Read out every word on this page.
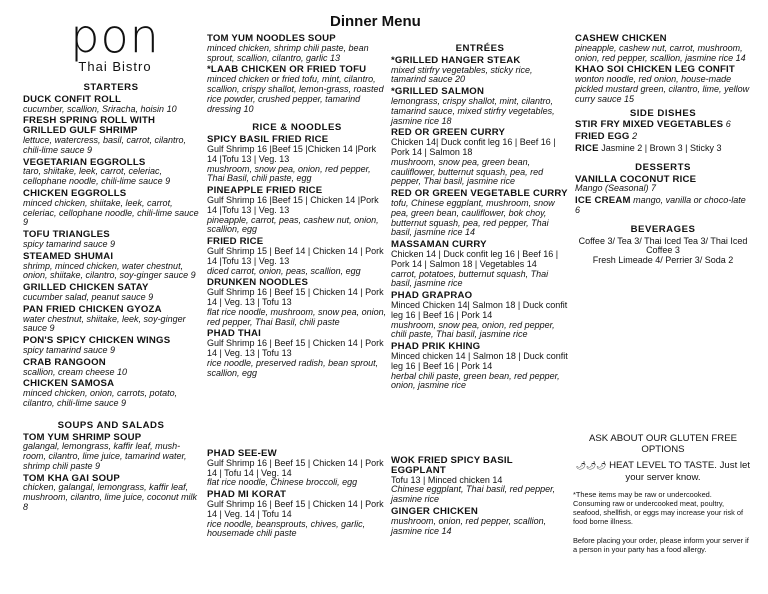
pon
Thai Bistro
Dinner Menu
STARTERS
DUCK CONFIT ROLL
cucumber, scallion, Sriracha, hoisin 10
FRESH SPRING ROLL WITH GRILLED GULF SHRIMP
lettuce, watercress, basil, carrot, cilantro, chili-lime sauce 9
VEGETARIAN EGGROLLS
taro, shiitake, leek, carrot, celeriac, cellophane noodle, chili-lime sauce 9
CHICKEN EGGROLLS
minced chicken, shiitake, leek, carrot, celeriac, cellophane noodle, chili-lime sauce 9
TOFU TRIANGLES
spicy tamarind sauce 9
STEAMED SHUMAI
shrimp, minced chicken, water chestnut, onion, shiitake, cilantro, soy-ginger sauce 9
GRILLED CHICKEN SATAY
cucumber salad, peanut sauce 9
PAN FRIED CHICKEN GYOZA
water chestnut, shiitake, leek, soy-ginger sauce 9
PON'S SPICY CHICKEN WINGS
spicy tamarind sauce 9
CRAB RANGOON
scallion, cream cheese 10
CHICKEN SAMOSA
minced chicken, onion, carrots, potato, cilantro, chili-lime sauce 9
SOUPS AND SALADS
TOM YUM SHRIMP SOUP
galangal, lemongrass, kaffir leaf, mush-room, cilantro, lime juice, tamarind water, shrimp chili paste 9
TOM KHA GAI SOUP
chicken, galangal, lemongrass, kaffir leaf, mushroom, cilantro, lime juice, coconut milk 8
TOM YUM NOODLES SOUP
minced chicken, shrimp chili paste, bean sprout, scallion, cilantro, garlic 13
*LAAB CHICKEN OR FRIED TOFU
minced chicken or fried tofu, mint, cilantro, scallion, crispy shallot, lemon-grass, roasted rice powder, crushed pepper, tamarind dressing 10
RICE & NOODLES
SPICY BASIL FRIED RICE
Gulf Shrimp 16 |Beef 15 |Chicken 14 |Pork 14 |Tofu 13 | Veg. 13
mushroom, snow pea, onion, red pepper, Thai Basil, chili paste, egg
PINEAPPLE FRIED RICE
Gulf Shrimp 16 |Beef 15 | Chicken 14 |Pork 14 |Tofu 13 | Veg. 13
pineapple, carrot, peas, cashew nut, onion, scallion, egg
FRIED RICE
Gulf Shrimp 15 | Beef 14 | Chicken 14 | Pork 14 |Tofu 13 | Veg. 13
diced carrot, onion, peas, scallion, egg
DRUNKEN NOODLES
Gulf Shrimp 16 | Beef 15 | Chicken 14 | Pork 14 | Veg. 13 | Tofu 13
flat rice noodle, mushroom, snow pea, onion, red pepper, Thai Basil, chili paste
PHAD THAI
Gulf Shrimp 16 | Beef 15 | Chicken 14 | Pork 14 | Veg. 13 | Tofu 13
rice noodle, preserved radish, bean sprout, scallion, egg
PHAD SEE-EW
Gulf Shrimp 16 | Beef 15 | Chicken 14 | Pork 14 | Tofu 14 | Veg. 14
flat rice noodle, Chinese broccoli, egg
PHAD MI KORAT
Gulf Shrimp 16 | Beef 15 | Chicken 14 | Pork 14 | Veg. 14 | Tofu 14
rice noodle, beansprouts, chives, garlic, housemade chili paste
ENTRÉES
*GRILLED HANGER STEAK
mixed stirfry vegetables, sticky rice, tamarind sauce 20
*GRILLED SALMON
lemongrass, crispy shallot, mint, cilantro, tamarind sauce, mixed stirfry vegetables, jasmine rice 18
RED OR GREEN CURRY
Chicken 14| Duck confit leg 16 | Beef 16 | Pork 14 | Salmon 18
mushroom, snow pea, green bean, cauliflower, butternut squash, pea, red pepper, Thai basil, jasmine rice
RED OR GREEN VEGETABLE CURRY
tofu, Chinese eggplant, mushroom, snow pea, green bean, cauliflower, bok choy, butternut squash, pea, red pepper, Thai basil, jasmine rice 14
MASSAMAN CURRY
Chicken 14 | Duck confit leg 16 | Beef 16 | Pork 14 | Salmon 18 | Vegetables 14
carrot, potatoes, butternut squash, Thai basil, jasmine rice
PHAD GRAPRAO
Minced Chicken 14| Salmon 18 | Duck confit leg 16 | Beef 16 | Pork 14
mushroom, snow pea, onion, red pepper, chili paste, Thai basil, jasmine rice
PHAD PRIK KHING
Minced chicken 14 | Salmon 18 | Duck confit leg 16 | Beef 16 | Pork 14
herbal chili paste, green bean, red pepper, onion, jasmine rice
WOK FRIED SPICY BASIL EGGPLANT
Tofu 13 | Minced chicken 14
Chinese eggplant, Thai basil, red pepper, jasmine rice
GINGER CHICKEN
mushroom, onion, red pepper, scallion, jasmine rice 14
CASHEW CHICKEN
pineapple, cashew nut, carrot, mushroom, onion, red pepper, scallion, jasmine rice 14
KHAO SOI CHICKEN LEG CONFIT
wonton noodle, red onion, house-made pickled mustard green, cilantro, lime, yellow curry sauce 15
SIDE DISHES
STIR FRY MIXED VEGETABLES 6
FRIED EGG 2
RICE Jasmine 2 | Brown 3 | Sticky 3
DESSERTS
VANILLA COCONUT RICE
Mango (Seasonal) 7
ICE CREAM mango, vanilla or choco-late 6
BEVERAGES
Coffee 3/ Tea 3/ Thai Iced Tea 3/ Thai Iced Coffee 3
Fresh Limeade 4/ Perrier 3/ Soda 2
ASK ABOUT OUR GLUTEN FREE OPTIONS
🌶🌶🌶 HEAT LEVEL TO TASTE. Just let your server know.
*These items may be raw or undercooked. Consuming raw or undercooked meat, poultry, seafood, shellfish, or eggs may increase your risk of food borne illness.
Before placing your order, please inform your server if a person in your party has a food allergy.
